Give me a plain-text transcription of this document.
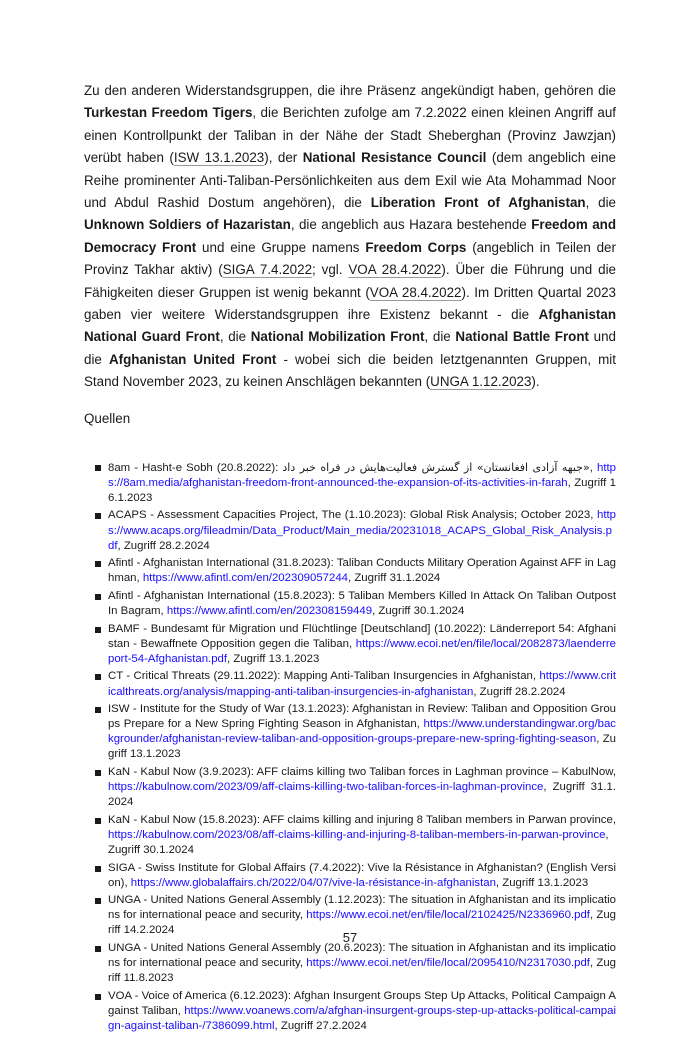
Zu den anderen Widerstandsgruppen, die ihre Präsenz angekündigt haben, gehören die Turkestan Freedom Tigers, die Berichten zufolge am 7.2.2022 einen kleinen Angriff auf einen Kontrollpunkt der Taliban in der Nähe der Stadt Sheberghan (Provinz Jawzjan) verübt haben (ISW 13.1.2023), der National Resistance Council (dem angeblich eine Reihe prominenter Anti-Taliban-Persönlichkeiten aus dem Exil wie Ata Mohammad Noor und Abdul Rashid Dostum angehören), die Liberation Front of Afghanistan, die Unknown Soldiers of Hazaristan, die angeblich aus Hazara bestehende Freedom and Democracy Front und eine Gruppe namens Freedom Corps (angeblich in Teilen der Provinz Takhar aktiv) (SIGA 7.4.2022; vgl. VOA 28.4.2022). Über die Führung und die Fähigkeiten dieser Gruppen ist wenig bekannt (VOA 28.4.2022). Im Dritten Quartal 2023 gaben vier weitere Widerstandsgruppen ihre Existenz bekannt - die Afghanistan National Guard Front, die National Mobilization Front, die National Battle Front und die Afghanistan United Front - wobei sich die beiden letztgenannten Gruppen, mit Stand November 2023, zu keinen Anschlägen bekannten (UNGA 1.12.2023).

Quellen

8am - Hasht-e Sobh (20.8.2022): «جبهه آزادی افغانستان» از گسترش فعالیت‌هایش در فراه خبر داد, https://8am.media/afghanistan-freedom-front-announced-the-expansion-of-its-activities-in-farah, Zugriff 16.1.2023
ACAPS - Assessment Capacities Project, The (1.10.2023): Global Risk Analysis; October 2023, https://www.acaps.org/fileadmin/Data_Product/Main_media/20231018_ACAPS_Global_Risk_Analysis.pdf, Zugriff 28.2.2024
Afintl - Afghanistan International (31.8.2023): Taliban Conducts Military Operation Against AFF in Laghman, https://www.afintl.com/en/202309057244, Zugriff 31.1.2024
Afintl - Afghanistan International (15.8.2023): 5 Taliban Members Killed In Attack On Taliban Outpost In Bagram, https://www.afintl.com/en/202308159449, Zugriff 30.1.2024
BAMF - Bundesamt für Migration und Flüchtlinge [Deutschland] (10.2022): Länderreport 54: Afghanistan - Bewaffnete Opposition gegen die Taliban, https://www.ecoi.net/en/file/local/2082873/laenderreport-54-Afghanistan.pdf, Zugriff 13.1.2023
CT - Critical Threats (29.11.2022): Mapping Anti-Taliban Insurgencies in Afghanistan, https://www.criticalthreats.org/analysis/mapping-anti-taliban-insurgencies-in-afghanistan, Zugriff 28.2.2024
ISW - Institute for the Study of War (13.1.2023): Afghanistan in Review: Taliban and Opposition Groups Prepare for a New Spring Fighting Season in Afghanistan, https://www.understandingwar.org/backgrounder/afghanistan-review-taliban-and-opposition-groups-prepare-new-spring-fighting-season, Zugriff 13.1.2023
KaN - Kabul Now (3.9.2023): AFF claims killing two Taliban forces in Laghman province – KabulNow, https://kabulnow.com/2023/09/aff-claims-killing-two-taliban-forces-in-laghman-province, Zugriff 31.1.2024
KaN - Kabul Now (15.8.2023): AFF claims killing and injuring 8 Taliban members in Parwan province, https://kabulnow.com/2023/08/aff-claims-killing-and-injuring-8-taliban-members-in-parwan-province, Zugriff 30.1.2024
SIGA - Swiss Institute for Global Affairs (7.4.2022): Vive la Résistance in Afghanistan? (English Version), https://www.globalaffairs.ch/2022/04/07/vive-la-résistance-in-afghanistan, Zugriff 13.1.2023
UNGA - United Nations General Assembly (1.12.2023): The situation in Afghanistan and its implications for international peace and security, https://www.ecoi.net/en/file/local/2102425/N2336960.pdf, Zugriff 14.2.2024
UNGA - United Nations General Assembly (20.6.2023): The situation in Afghanistan and its implications for international peace and security, https://www.ecoi.net/en/file/local/2095410/N2317030.pdf, Zugriff 11.8.2023
VOA - Voice of America (6.12.2023): Afghan Insurgent Groups Step Up Attacks, Political Campaign Against Taliban, https://www.voanews.com/a/afghan-insurgent-groups-step-up-attacks-political-campaign-against-taliban-/7386099.html, Zugriff 27.2.2024
57
